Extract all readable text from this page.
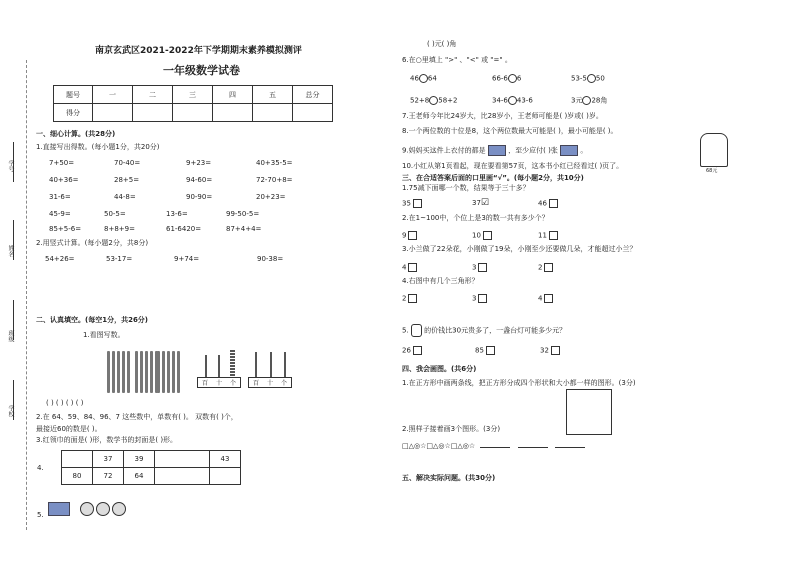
学号
姓名
班级
学校
南京玄武区2021-2022年下学期期末素养模拟测评
一年级数学试卷
题号	一	二	三	四	五	总分
得分						
一、细心计算。(共28分)
1.直接写出得数。(每小题1分，共20分)
7+50=	70-40=	9+23=	40+35-5=
40+36=	28+5=	94-60=	72-70+8=
31-6=	44-8=	90-90=	20+23=
45-9=	50-5=	13-6=	99-50-5=
85+5-6=	8+8+9=	61-6420=	87+4+4=
2.用竖式计算。(每小题2分，共8分)
54+26=	53-17=	9+74=	90-38=
二、认真填空。(每空1分，共26分)
1.看图写数。
百 十 个	百 十 个
( ) ( ) ( ) ( )
2.在 64、59、84、96、7 这些数中，单数有( )。 双数有( )个，
最接近60的数是( )。
3.红领巾的面是( )形，数学书的封面是( )形。
4.
	37	39		43
80	72	64		
5.
( )元( )角
6.在○里填上 ">" 、"<" 或 "=" 。
46 64	66-6 6	53-5 50
52+8 58+2	34-6 43-6	3元 28角
7.王老师今年比24岁大，比28岁小，王老师可能是( )岁或( )岁。
8.一个两位数的十位是8，这个两位数最大可能是( )，最小可能是( )。
9.妈妈买这件上衣付的都是	，至少应付( )张	。
68元
10.小红从第1页看起，现在要看第57页，这本书小红已经看过( )页了。
三、在合适答案后面的口里画“√”。(每小题2分，共10分)
1.75减下面哪一个数，结果等于三十多？
35	37☑	46
2.在1~100中，个位上是3的数一共有多少个？
9	10	11
3.小兰做了22朵花，小刚做了19朵，小刚至少还要做几朵，才能超过小兰？
4	3	2
4.右图中有几个三角形？
2	3	4
5. 的价钱比30元贵多了，一盏台灯可能多少元？
26	85	32
四、我会画图。(共6分)
1.在正方形中画两条线，把正方形分成四个形状和大小都一样的图形。(3分)
2.照样子接着画3个图形。(3分)
□△◎☆□△◎☆□△◎☆
五、解决实际问题。(共30分)
